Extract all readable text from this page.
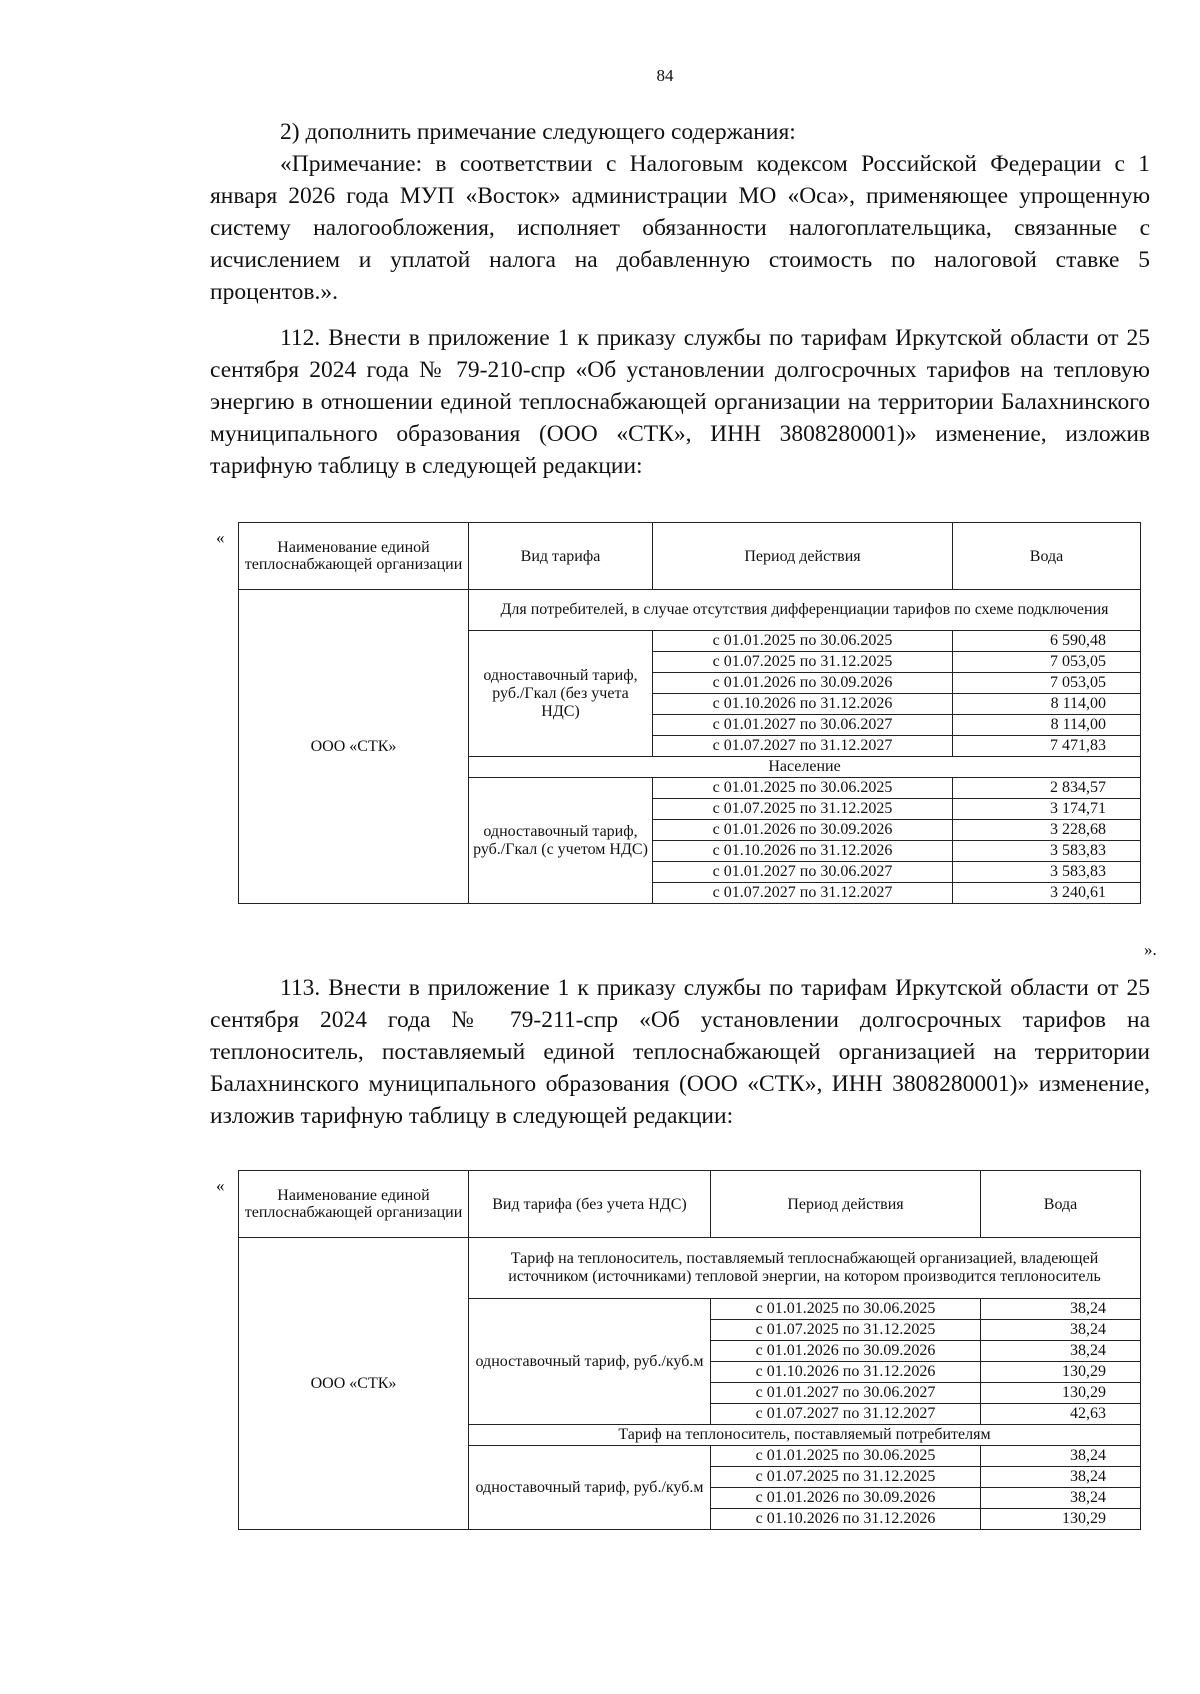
84

2) дополнить примечание следующего содержания:

«Примечание: в соответствии с Налоговым кодексом Российской Федерации с 1 января 2026 года МУП «Восток» администрации МО «Оса», применяющее упрощенную систему налогообложения, исполняет обязанности налогоплательщика, связанные с исчислением и уплатой налога на добавленную стоимость по налоговой ставке 5 процентов.».

112. Внести в приложение 1 к приказу службы по тарифам Иркутской области от 25 сентября 2024 года № 79-210-спр «Об установлении долгосрочных тарифов на тепловую энергию в отношении единой теплоснабжающей организации на территории Балахнинского муниципального образования (ООО «СТК», ИНН 3808280001)» изменение, изложив тарифную таблицу в следующей редакции:

«
Наименование единой теплоснабжающей организации	Вид тарифа	Период действия	Вода
ООО «СТК»	Для потребителей, в случае отсутствия дифференциации тарифов по схеме подключения		
	одноставочный тариф, руб./Гкал (без учета НДС)	с 01.01.2025 по 30.06.2025	6 590,48
		с 01.07.2025 по 31.12.2025	7 053,05
		с 01.01.2026 по 30.09.2026	7 053,05
		с 01.10.2026 по 31.12.2026	8 114,00
		с 01.01.2027 по 30.06.2027	8 114,00
		с 01.07.2027 по 31.12.2027	7 471,83
	Население		
	одноставочный тариф, руб./Гкал (с учетом НДС)	с 01.01.2025 по 30.06.2025	2 834,57
		с 01.07.2025 по 31.12.2025	3 174,71
		с 01.01.2026 по 30.09.2026	3 228,68
		с 01.10.2026 по 31.12.2026	3 583,83
		с 01.01.2027 по 30.06.2027	3 583,83
		с 01.07.2027 по 31.12.2027	3 240,61
».

113. Внести в приложение 1 к приказу службы по тарифам Иркутской области от 25 сентября 2024 года № 79-211-спр «Об установлении долгосрочных тарифов на теплоноситель, поставляемый единой теплоснабжающей организацией на территории Балахнинского муниципального образования (ООО «СТК», ИНН 3808280001)» изменение, изложив тарифную таблицу в следующей редакции:

«
Наименование единой теплоснабжающей организации	Вид тарифа (без учета НДС)	Период действия	Вода
ООО «СТК»	Тариф на теплоноситель, поставляемый теплоснабжающей организацией, владеющей источником (источниками) тепловой энергии, на котором производится теплоноситель		
	одноставочный тариф, руб./куб.м	с 01.01.2025 по 30.06.2025	38,24
		с 01.07.2025 по 31.12.2025	38,24
		с 01.01.2026 по 30.09.2026	38,24
		с 01.10.2026 по 31.12.2026	130,29
		с 01.01.2027 по 30.06.2027	130,29
		с 01.07.2027 по 31.12.2027	42,63
	Тариф на теплоноситель, поставляемый потребителям		
	одноставочный тариф, руб./куб.м	с 01.01.2025 по 30.06.2025	38,24
		с 01.07.2025 по 31.12.2025	38,24
		с 01.01.2026 по 30.09.2026	38,24
		с 01.10.2026 по 31.12.2026	130,29
